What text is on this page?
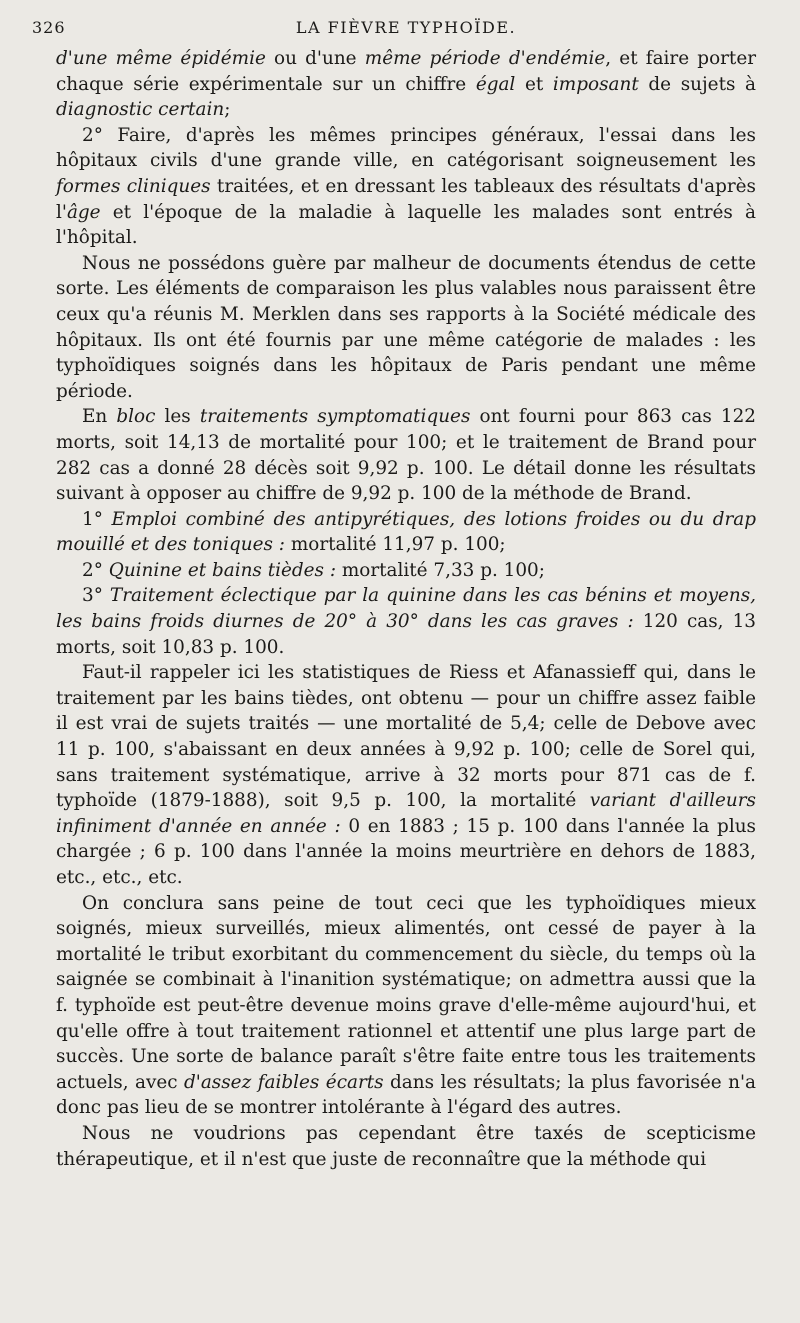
326	LA FIÈVRE TYPHOÏDE.

d'une même épidémie ou d'une même période d'endémie, et faire porter chaque série expérimentale sur un chiffre égal et imposant de sujets à diagnostic certain;

2° Faire, d'après les mêmes principes généraux, l'essai dans les hôpitaux civils d'une grande ville, en catégorisant soigneusement les formes cliniques traitées, et en dressant les tableaux des résultats d'après l'âge et l'époque de la maladie à laquelle les malades sont entrés à l'hôpital.

Nous ne possédons guère par malheur de documents étendus de cette sorte. Les éléments de comparaison les plus valables nous paraissent être ceux qu'a réunis M. Merklen dans ses rapports à la Société médicale des hôpitaux. Ils ont été fournis par une même catégorie de malades : les typhoïdiques soignés dans les hôpitaux de Paris pendant une même période.

En bloc les traitements symptomatiques ont fourni pour 863 cas 122 morts, soit 14,13 de mortalité pour 100; et le traitement de Brand pour 282 cas a donné 28 décès soit 9,92 p. 100. Le détail donne les résultats suivant à opposer au chiffre de 9,92 p. 100 de la méthode de Brand.

1° Emploi combiné des antipyrétiques, des lotions froides ou du drap mouillé et des toniques : mortalité 11,97 p. 100;

2° Quinine et bains tièdes : mortalité 7,33 p. 100;

3° Traitement éclectique par la quinine dans les cas bénins et moyens, les bains froids diurnes de 20° à 30° dans les cas graves : 120 cas, 13 morts, soit 10,83 p. 100.

Faut-il rappeler ici les statistiques de Riess et Afanassieff qui, dans le traitement par les bains tièdes, ont obtenu — pour un chiffre assez faible il est vrai de sujets traités — une mortalité de 5,4; celle de Debove avec 11 p. 100, s'abaissant en deux années à 9,92 p. 100; celle de Sorel qui, sans traitement systématique, arrive à 32 morts pour 871 cas de f. typhoïde (1879-1888), soit 9,5 p. 100, la mortalité variant d'ailleurs infiniment d'année en année : 0 en 1883 ; 15 p. 100 dans l'année la plus chargée ; 6 p. 100 dans l'année la moins meurtrière en dehors de 1883, etc., etc., etc.

On conclura sans peine de tout ceci que les typhoïdiques mieux soignés, mieux surveillés, mieux alimentés, ont cessé de payer à la mortalité le tribut exorbitant du commencement du siècle, du temps où la saignée se combinait à l'inanition systématique; on admettra aussi que la f. typhoïde est peut-être devenue moins grave d'elle-même aujourd'hui, et qu'elle offre à tout traitement rationnel et attentif une plus large part de succès. Une sorte de balance paraît s'être faite entre tous les traitements actuels, avec d'assez faibles écarts dans les résultats; la plus favorisée n'a donc pas lieu de se montrer intolérante à l'égard des autres.

Nous ne voudrions pas cependant être taxés de scepticisme thérapeutique, et il n'est que juste de reconnaître que la méthode qui
